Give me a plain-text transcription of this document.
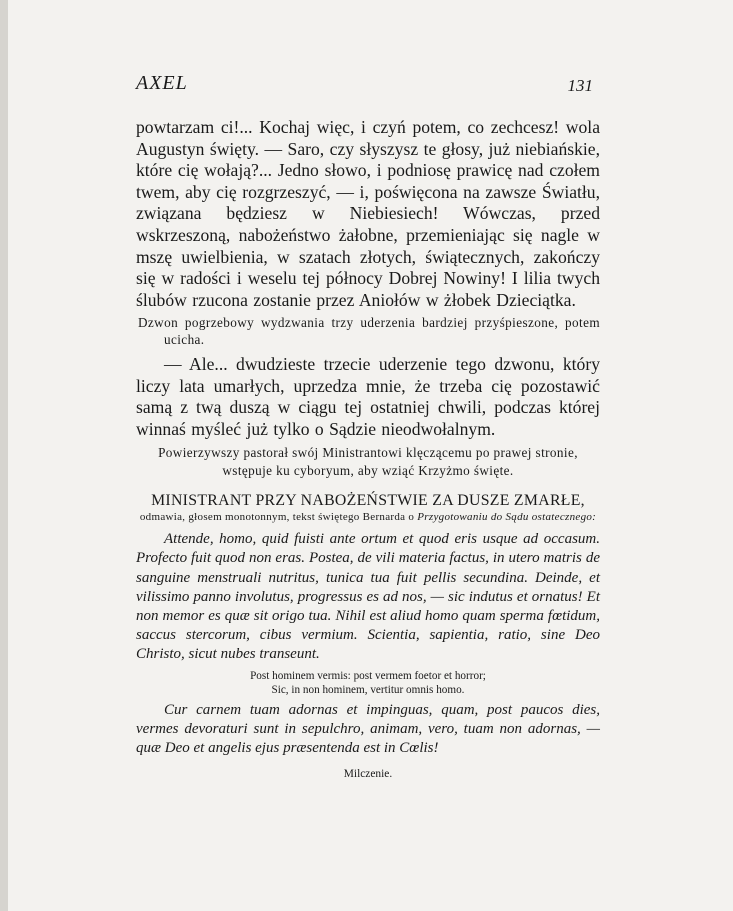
AXEL	131

powtarzam ci!... Kochaj więc, i czyń potem, co zechcesz! wola Augustyn święty. — Saro, czy słyszysz te głosy, już niebiańskie, które cię wołają?... Jedno słowo, i podniosę prawicę nad czołem twem, aby cię rozgrzeszyć, — i, poświęcona na zawsze Światłu, związana będziesz w Niebiesiech! Wówczas, przed wskrzeszoną, nabożeństwo żałobne, przemieniając się nagle w mszę uwielbienia, w szatach złotych, świątecznych, zakończy się w radości i weselu tej północy Dobrej Nowiny! I lilia twych ślubów rzucona zostanie przez Aniołów w żłobek Dzieciątka.

Dzwon pogrzebowy wydzwania trzy uderzenia bardziej przyśpieszone, potem ucicha.

— Ale... dwudzieste trzecie uderzenie tego dzwonu, który liczy lata umarłych, uprzedza mnie, że trzeba cię pozostawić samą z twą duszą w ciągu tej ostatniej chwili, podczas której winnaś myśleć już tylko o Sądzie nieodwołalnym.

Powierzywszy pastorał swój Ministrantowi klęczącemu po prawej stronie, wstępuje ku cyboryum, aby wziąć Krzyżmo święte.

MINISTRANT PRZY NABOŻEŃSTWIE ZA DUSZE ZMARŁE,

odmawia, głosem monotonnym, tekst świętego Bernarda o Przygotowaniu do Sądu ostatecznego:

Attende, homo, quid fuisti ante ortum et quod eris usque ad occasum. Profecto fuit quod non eras. Postea, de vili materia factus, in utero matris de sanguine menstruali nutritus, tunica tua fuit pellis secundina. Deinde, et vilissimo panno involutus, progressus es ad nos, — sic indutus et ornatus! Et non memor es quæ sit origo tua. Nihil est aliud homo quam sperma fœtidum, saccus stercorum, cibus vermium. Scientia, sapientia, ratio, sine Deo Christo, sicut nubes transeunt.

Post hominem vermis: post vermem foetor et horror;
Sic, in non hominem, vertitur omnis homo.

Cur carnem tuam adornas et impinguas, quam, post paucos dies, vermes devoraturi sunt in sepulchro, animam, vero, tuam non adornas, — quæ Deo et angelis ejus præsentenda est in Cœlis!

Milczenie.
